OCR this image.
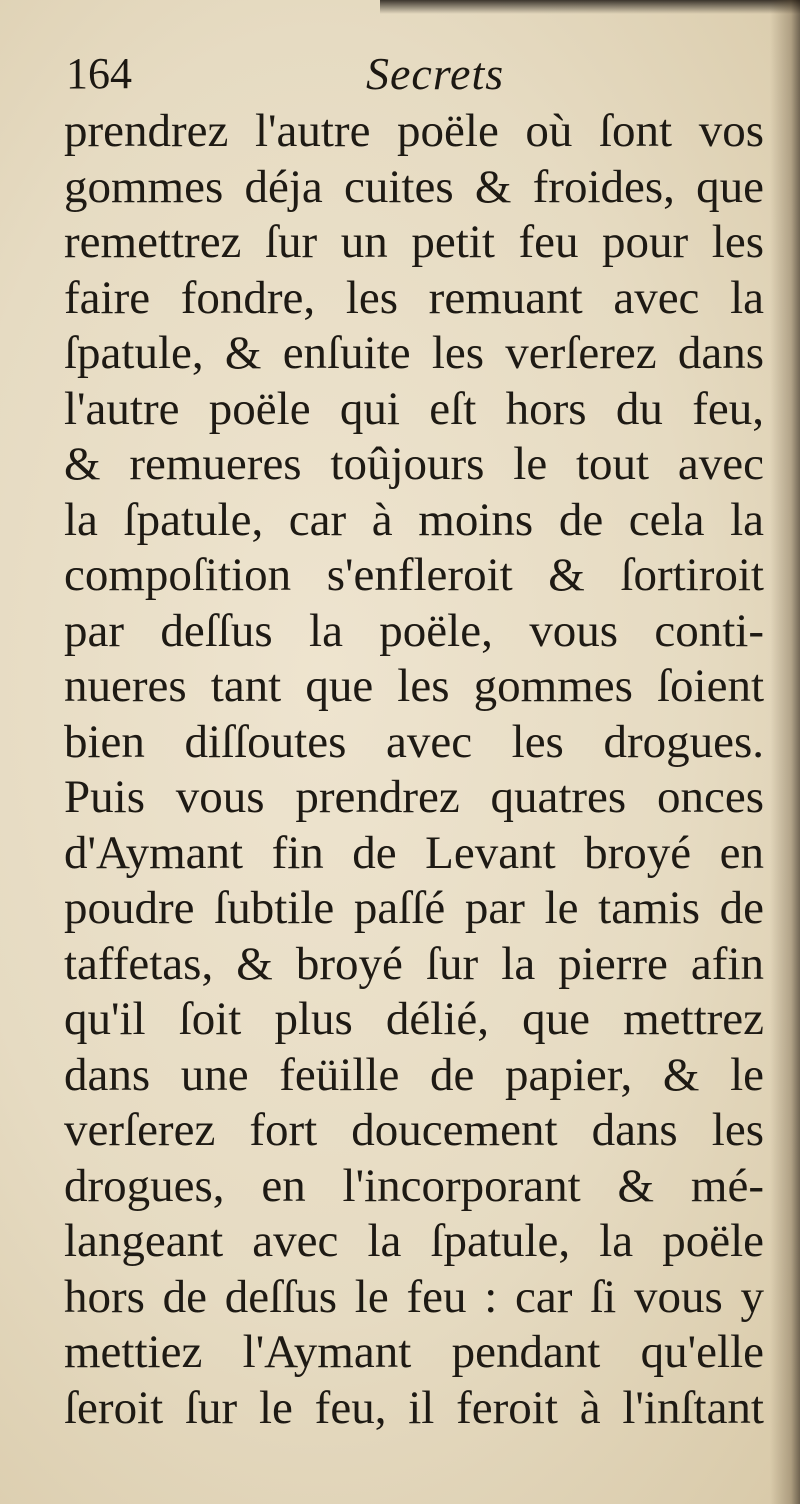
164	Secrets
prendrez l'autre poële où ſont vos
gommes déja cuites & froides, que
remettrez ſur un petit feu pour les
faire fondre, les remuant avec la
ſpatule, & enſuite les verſerez dans
l'autre poële qui eſt hors du feu,
& remueres toûjours le tout avec
la ſpatule, car à moins de cela la
compoſition s'enfleroit & ſortiroit
par deſſus la poële, vous conti-
nueres tant que les gommes ſoient
bien diſſoutes avec les drogues.
Puis vous prendrez quatres onces
d'Aymant fin de Levant broyé en
poudre ſubtile paſſé par le tamis de
taffetas, & broyé ſur la pierre afin
qu'il ſoit plus délié, que mettrez
dans une feüille de papier, & le
verſerez fort doucement dans les
drogues, en l'incorporant & mé-
langeant avec la ſpatule, la poële
hors de deſſus le feu : car ſi vous y
mettiez l'Aymant pendant qu'elle
ſeroit ſur le feu, il feroit à l'inſtant
